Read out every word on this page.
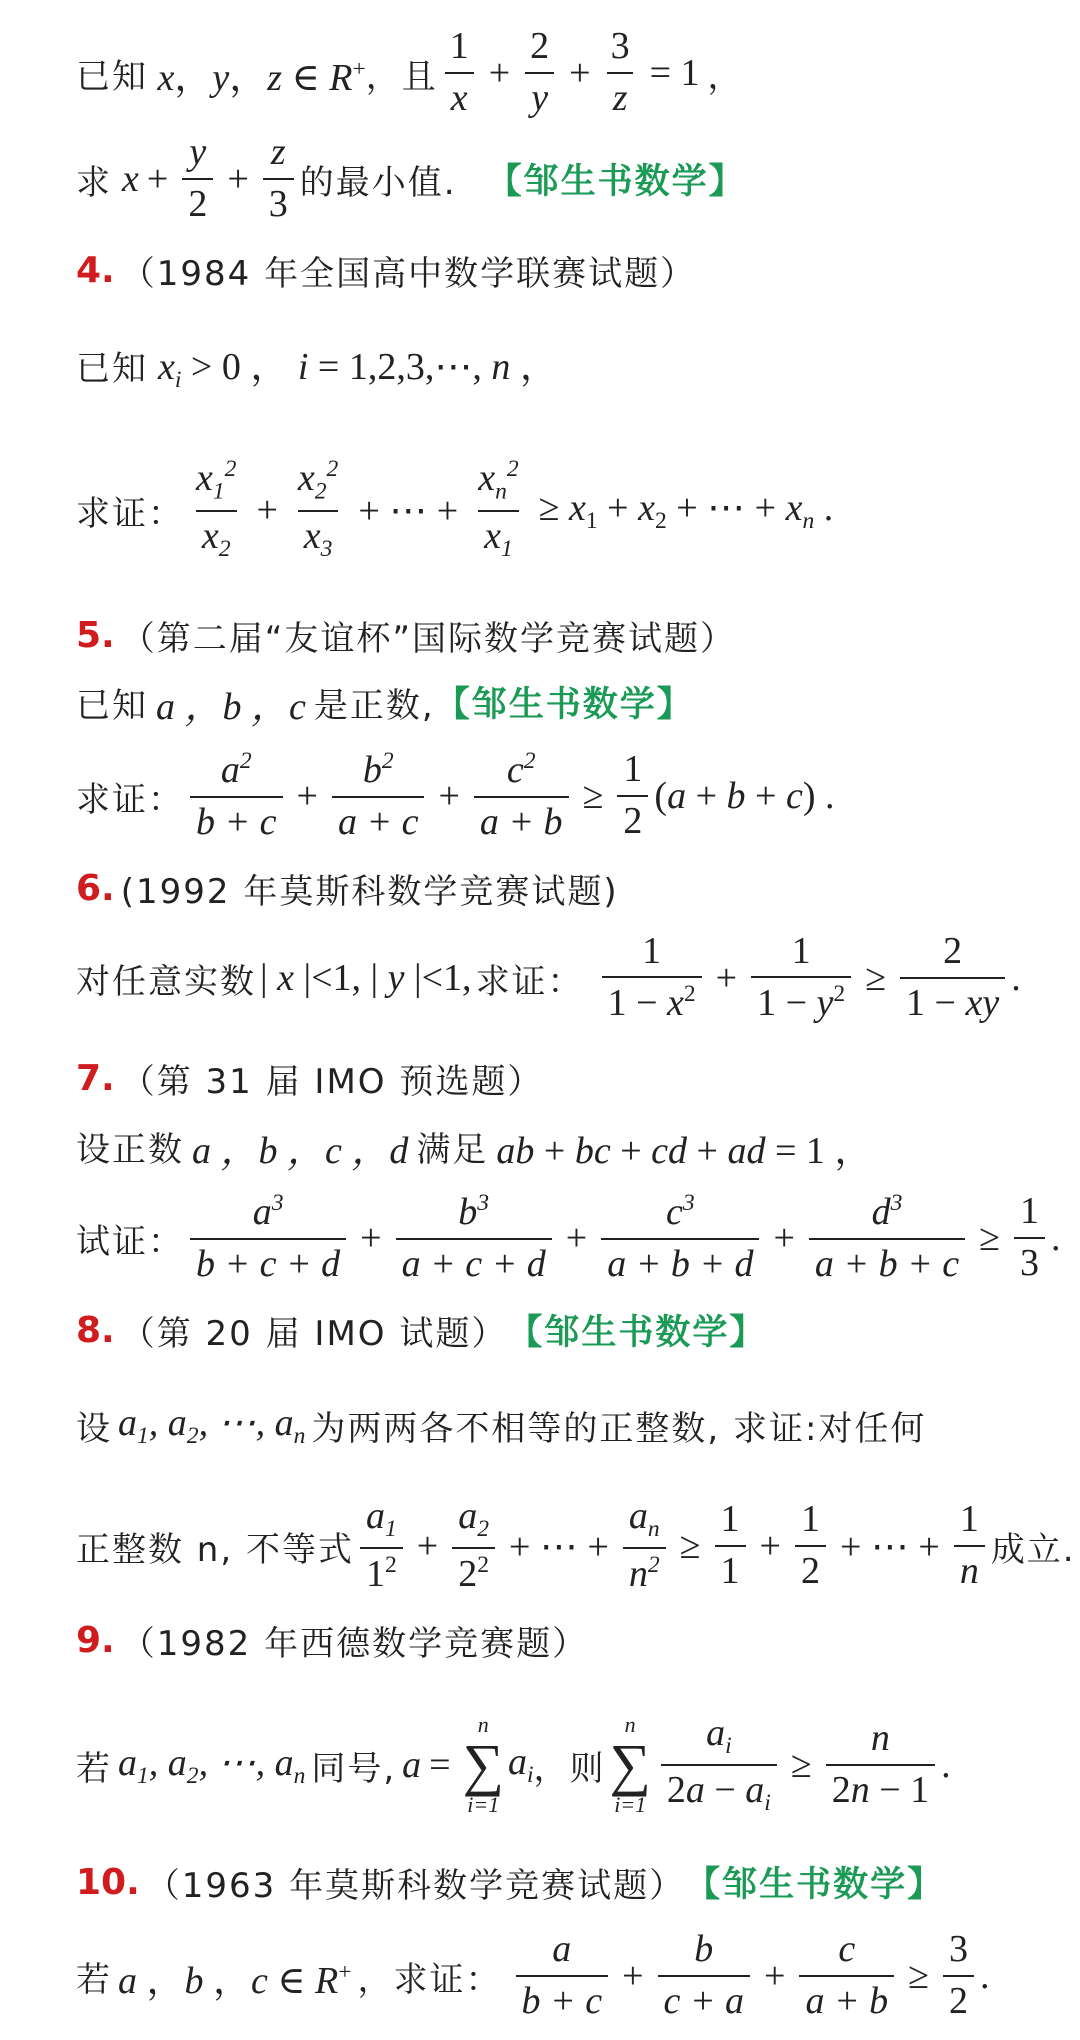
已知 x，y，z ∈ R+ ，且 $\frac{1}{x} + \frac{2}{y} + \frac{3}{z} = 1$ ，
求 $x + \frac{y}{2} + \frac{z}{3}$ 的最小值. 【邹生书数学】
4. （1984 年全国高中数学联赛试题）
已知 $x_i > 0$ ， i = 1,2,3,⋯, n ，
求证： $\frac{x_1^2}{x_2} + \frac{x_2^2}{x_3}$ + ⋯ + $\frac{x_n^2}{x_1} \ge x_1 + x_2$ + ⋯ + $x_n$ .
5. （第二届“友谊杯”国际数学竞赛试题）
已知 a ，b ，c 是正数, 【邹生书数学】
求证： $\frac{a^2}{b + c} + \frac{b^2}{a + c} + \frac{c^2}{a + b} \ge \frac{1}{2} (a + b + c)$ .
6. (1992 年莫斯科数学竞赛试题)
对任意实数 | x |<1, | y |<1, 求证： $\frac{1}{1 - x^2} + \frac{1}{1 - y^2} \ge \frac{2}{1 - xy}$ .
7. （第 31 届 IMO 预选题）
设正数 a ，b ，c ，d 满足 ab + bc + cd + ad = 1 ，
试证： $\frac{a^3}{b + c + d} + \frac{b^3}{a + c + d} + \frac{c^3}{a + b + d} + \frac{d^3}{a + b + c} \ge \frac{1}{3}$ .
8. （第 20 届 IMO 试题） 【邹生书数学】
设 $a_1$, $a_2$, ⋯, $a_n$ 为两两各不相等的正整数, 求证:对任何
正整数 n, 不等式 $\frac{a_1}{1^2} + \frac{a_2}{2^2}$ + ⋯ + $\frac{a_n}{n^2} \ge \frac{1}{1} + \frac{1}{2}$ + ⋯ + $\frac{1}{n}$ 成立.
9. （1982 年西德数学竞赛题）
若 $a_1$, $a_2$, ⋯, $a_n$ 同号, a =
n
∑
i=1
$a_i$ ，则
n
∑
$i=1 \frac{a_i}{2a - a_i} \ge \frac{n}{2n - 1}$ .
10. （1963 年莫斯科数学竞赛试题） 【邹生书数学】
若 a ，b ，c ∈ R+ ，求证： $\frac{a}{b + c} + \frac{b}{c + a} + \frac{c}{a + b} \ge \frac{3}{2}$ .
